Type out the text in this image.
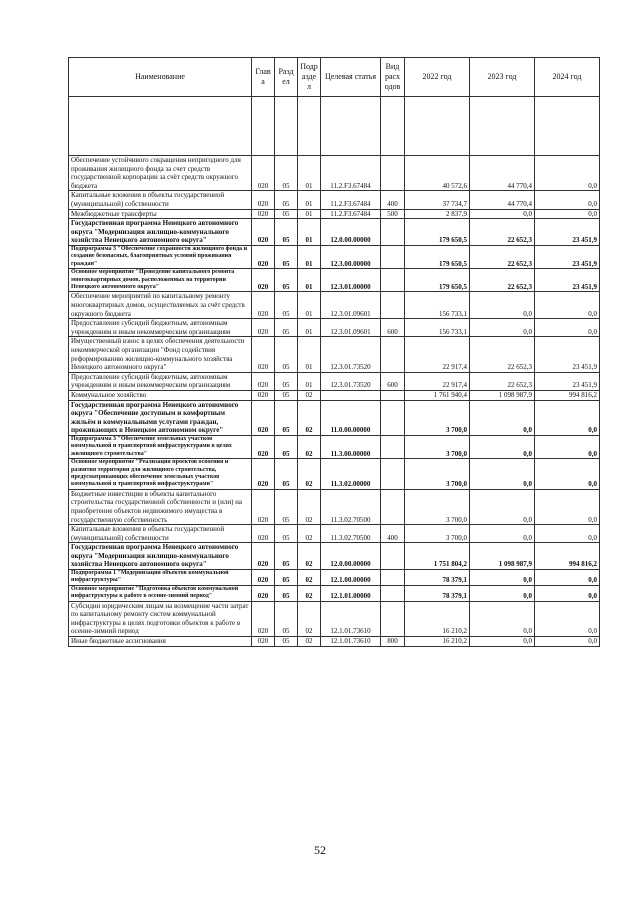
Наименование	Глав а	Разд ел	Подр азде л	Целевая статья	Вид расх одов	2022 год	2023 год	2024 год

Обеспечение устойчивого сокращения непригодного для проживания жилищного фонда за счет средств государственной корпорации за счёт средств окружного бюджета	020	05	01	11.2.F3.67484		40 572,6	44 770,4	0,0
Капитальные вложения в объекты государственной (муниципальной) собственности	020	05	01	11.2.F3.67484	400	37 734,7	44 770,4	0,0
Межбюджетные трансферты	020	05	01	11.2.F3.67484	500	2 837,9	0,0	0,0
Государственная программа Ненецкого автономного округа "Модернизация жилищно-коммунального хозяйства Ненецкого автономного округа"	020	05	01	12.0.00.00000		179 650,5	22 652,3	23 451,9
Подпрограмма 3 "Обеспечение сохранности жилищного фонда и создание безопасных, благоприятных условий проживания граждан"	020	05	01	12.3.00.00000		179 650,5	22 652,3	23 451,9
Основное мероприятие "Проведение капитального ремонта многоквартирных домов, расположенных на территории Ненецкого автономного округа"	020	05	01	12.3.01.00000		179 650,5	22 652,3	23 451,9
Обеспечение мероприятий по капитальному ремонту многоквартирных домов, осуществляемых за счёт средств окружного бюджета	020	05	01	12.3.01.09601		156 733,1	0,0	0,0
Предоставление субсидий бюджетным, автономным учреждениям и иным некоммерческим организациям	020	05	01	12.3.01.09601	600	156 733,1	0,0	0,0
Имущественный взнос в целях обеспечения деятельности некоммерческой организации "Фонд содействия реформированию жилищно-коммунального хозяйства Ненецкого автономного округа"	020	05	01	12.3.01.73520		22 917,4	22 652,3	23 451,9
Предоставление субсидий бюджетным, автономным учреждениям и иным некоммерческим организациям	020	05	01	12.3.01.73520	600	22 917,4	22 652,3	23 451,9
Коммунальное хозяйство	020	05	02			1 761 940,4	1 098 987,9	994 816,2
Государственная программа Ненецкого автономного округа "Обеспечение доступным и комфортным жильём и коммунальными услугами граждан, проживающих в Ненецком автономном округе"	020	05	02	11.0.00.00000		3 700,0	0,0	0,0
Подпрограмма 3 "Обеспечение земельных участков коммунальной и транспортной инфраструктурами в целях жилищного строительства"	020	05	02	11.3.00.00000		3 700,0	0,0	0,0
Основное мероприятие "Реализация проектов освоения и развития территории для жилищного строительства, предусматривающих обеспечение земельных участков коммунальной и транспортной инфраструктурами"	020	05	02	11.3.02.00000		3 700,0	0,0	0,0
Бюджетные инвестиции в объекты капитального строительства государственной собственности и (или) на приобретение объектов недвижимого имущества в государственную собственность	020	05	02	11.3.02.70500		3 700,0	0,0	0,0
Капитальные вложения в объекты государственной (муниципальной) собственности	020	05	02	11.3.02.70500	400	3 700,0	0,0	0,0
Государственная программа Ненецкого автономного округа "Модернизация жилищно-коммунального хозяйства Ненецкого автономного округа"	020	05	02	12.0.00.00000		1 751 804,2	1 098 987,9	994 816,2
Подпрограмма 1 "Модернизация объектов коммунальной инфраструктуры"	020	05	02	12.1.00.00000		78 379,1	0,0	0,0
Основное мероприятие "Подготовка объектов коммунальной инфраструктуры к работе в осенне-зимний период"	020	05	02	12.1.01.00000		78 379,1	0,0	0,0
Субсидии юридическим лицам на возмещение части затрат по капитальному ремонту систем коммунальной инфраструктуры в целях подготовки объектов к работе в осенне-зимний период	020	05	02	12.1.01.73610		16 210,2	0,0	0,0
Иные бюджетные ассигнования	020	05	02	12.1.01.73610	800	16 210,2	0,0	0,0
52
